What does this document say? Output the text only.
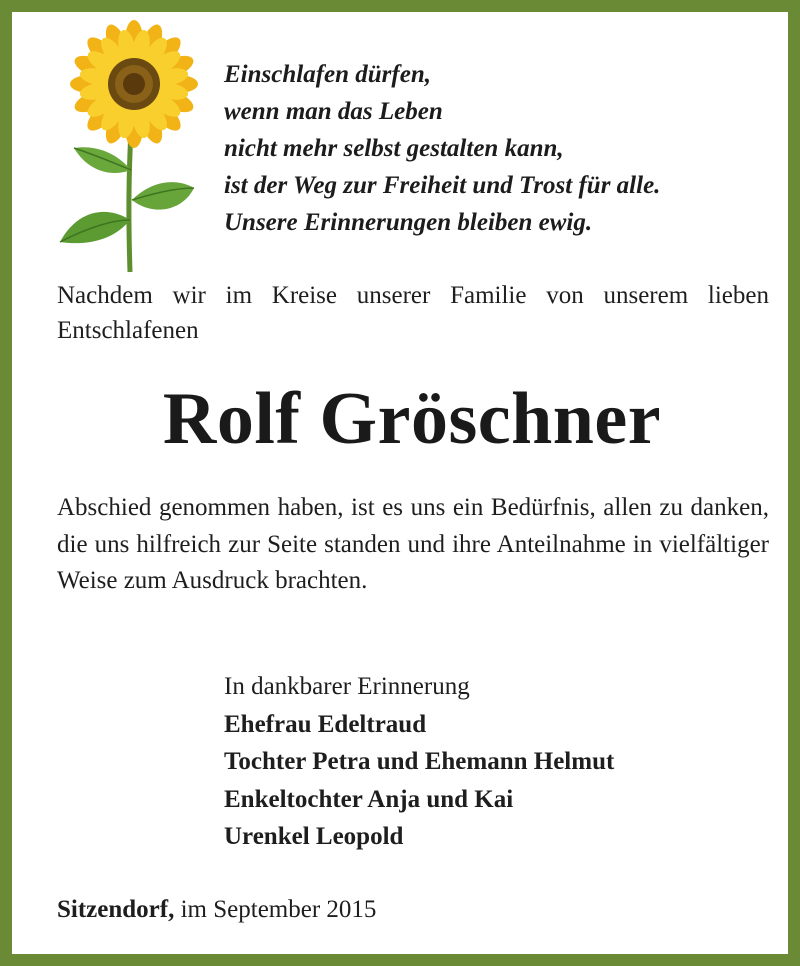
Einschlafen dürfen,
wenn man das Leben
nicht mehr selbst gestalten kann,
ist der Weg zur Freiheit und Trost für alle.
Unsere Erinnerungen bleiben ewig.
Nachdem wir im Kreise unserer Familie von unserem lieben Entschlafenen
Rolf Gröschner
Abschied genommen haben, ist es uns ein Bedürfnis, allen zu danken, die uns hilfreich zur Seite standen und ihre Anteilnahme in vielfältiger Weise zum Ausdruck brachten.
In dankbarer Erinnerung
Ehefrau Edeltraud
Tochter Petra und Ehemann Helmut
Enkeltochter Anja und Kai
Urenkel Leopold
Sitzendorf, im September 2015
